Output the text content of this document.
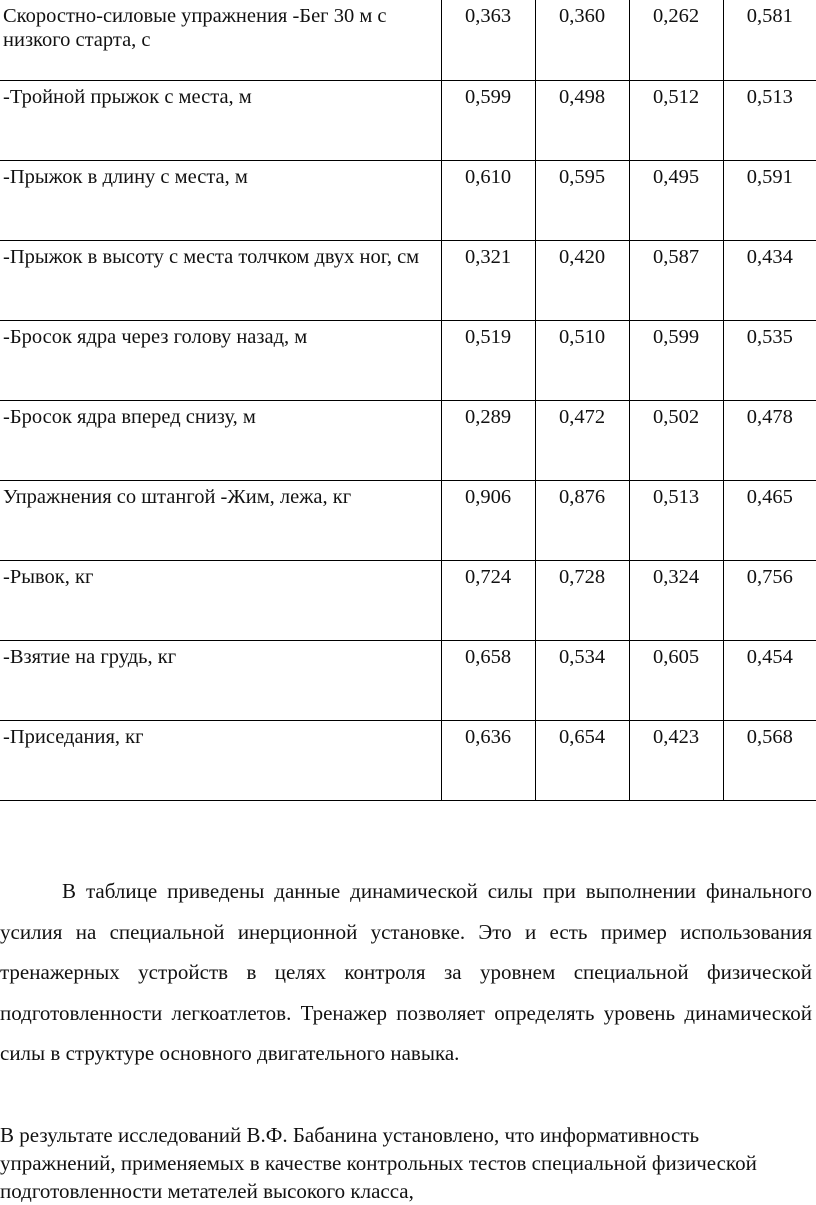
Скоростно-силовые упражнения -Бег 30 м с низкого старта, с	0,363	0,360	0,262	0,581
-Тройной прыжок с места, м	0,599	0,498	0,512	0,513
-Прыжок в длину с места, м	0,610	0,595	0,495	0,591
-Прыжок в высоту с места толчком двух ног, см	0,321	0,420	0,587	0,434
-Бросок ядра через голову назад, м	0,519	0,510	0,599	0,535
-Бросок ядра вперед снизу, м	0,289	0,472	0,502	0,478
Упражнения со штангой -Жим, лежа, кг	0,906	0,876	0,513	0,465
-Рывок, кг	0,724	0,728	0,324	0,756
-Взятие на грудь, кг	0,658	0,534	0,605	0,454
-Приседания, кг	0,636	0,654	0,423	0,568

В таблице приведены данные динамической силы при выполнении финального усилия на специальной инерционной установке. Это и есть пример использования тренажерных устройств в целях контроля за уровнем специальной физической подготовленности легкоатлетов. Тренажер позволяет определять уровень динамической силы в структуре основного двигательного навыка.

В результате исследований В.Ф. Бабанина установлено, что информативность упражнений, применяемых в качестве контрольных тестов специальной физической подготовленности метателей высокого класса,
